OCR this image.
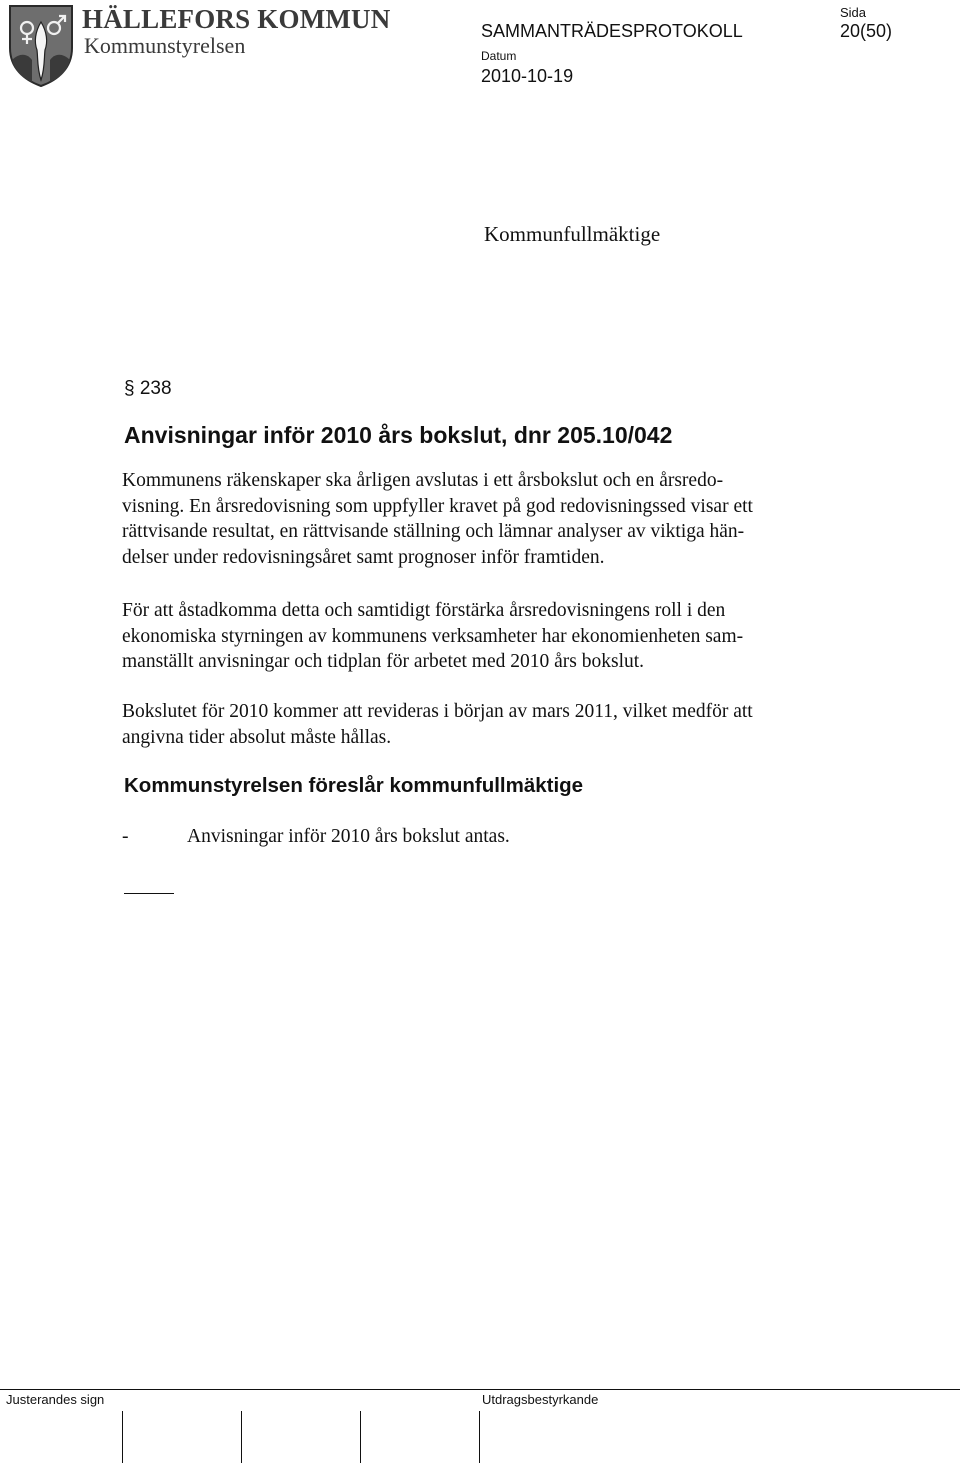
HÄLLEFORS KOMMUN
Kommunstyrelsen
Sida
SAMMANTRÄDESPROTOKOLL	20(50)
Datum
2010-10-19
Kommunfullmäktige
§ 238
Anvisningar inför 2010 års bokslut, dnr 205.10/042
Kommunens räkenskaper ska årligen avslutas i ett årsbokslut och en årsredo-
visning. En årsredovisning som uppfyller kravet på god redovisningssed visar ett
rättvisande resultat, en rättvisande ställning och lämnar analyser av viktiga hän-
delser under redovisningsåret samt prognoser inför framtiden.
För att åstadkomma detta och samtidigt förstärka årsredovisningens roll i den
ekonomiska styrningen av kommunens verksamheter har ekonomienheten sam-
manställt anvisningar och tidplan för arbetet med 2010 års bokslut.
Bokslutet för 2010 kommer att revideras i början av mars 2011, vilket medför att
angivna tider absolut måste hållas.
Kommunstyrelsen föreslår kommunfullmäktige
-	Anvisningar inför 2010 års bokslut antas.
Justerandes sign	Utdragsbestyrkande
